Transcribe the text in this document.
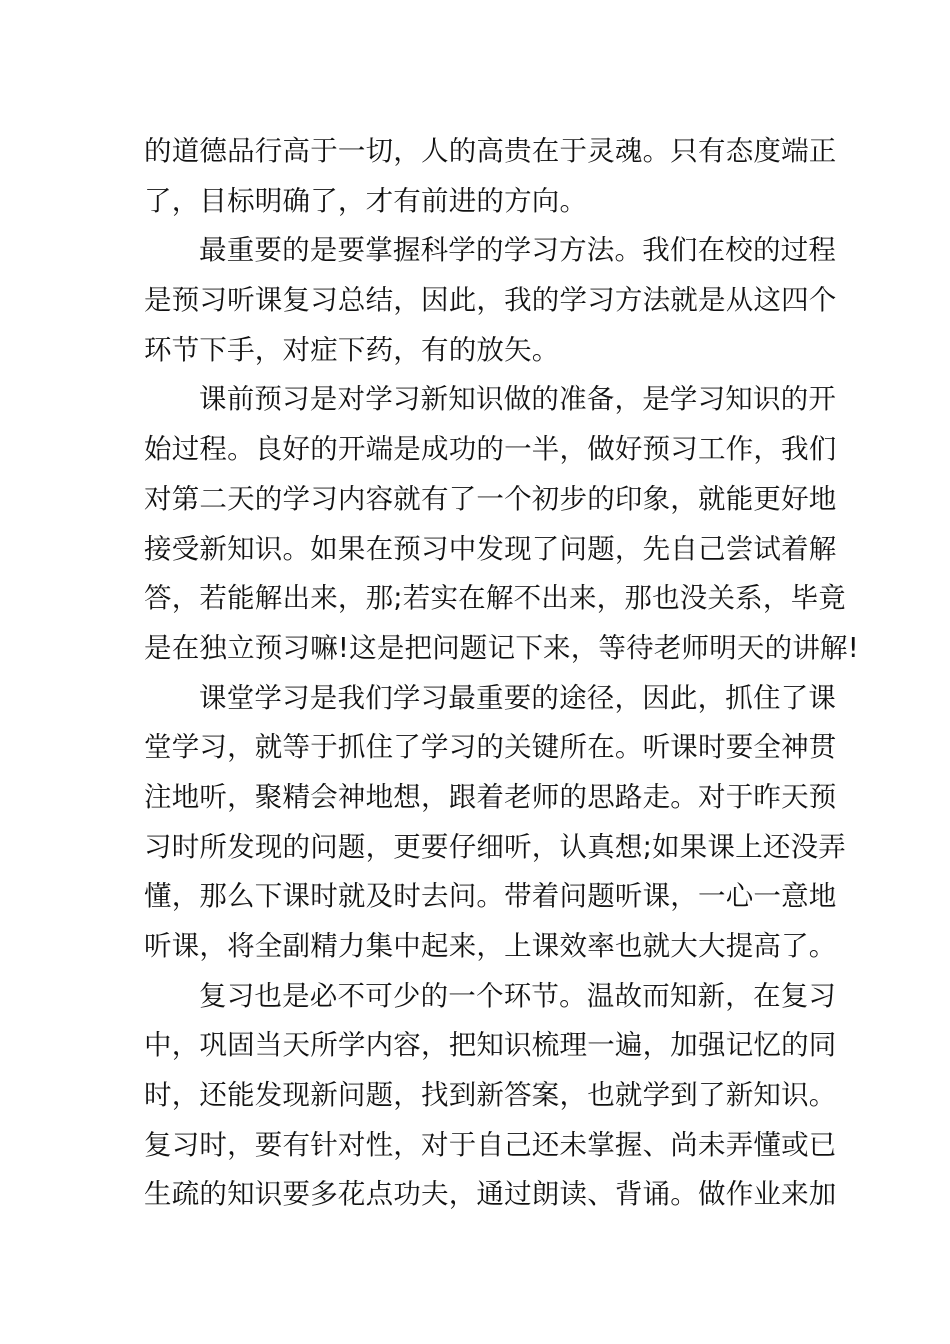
的道德品行高于一切，人的高贵在于灵魂。只有态度端正
了，目标明确了，才有前进的方向。
最重要的是要掌握科学的学习方法。我们在校的过程
是预习听课复习总结，因此，我的学习方法就是从这四个
环节下手，对症下药，有的放矢。
课前预习是对学习新知识做的准备，是学习知识的开
始过程。良好的开端是成功的一半，做好预习工作，我们
对第二天的学习内容就有了一个初步的印象，就能更好地
接受新知识。如果在预习中发现了问题，先自己尝试着解
答，若能解出来，那;若实在解不出来，那也没关系，毕竟
是在独立预习嘛!这是把问题记下来，等待老师明天的讲解!
课堂学习是我们学习最重要的途径，因此，抓住了课
堂学习，就等于抓住了学习的关键所在。听课时要全神贯
注地听，聚精会神地想，跟着老师的思路走。对于昨天预
习时所发现的问题，更要仔细听，认真想;如果课上还没弄
懂，那么下课时就及时去问。带着问题听课，一心一意地
听课，将全副精力集中起来，上课效率也就大大提高了。
复习也是必不可少的一个环节。温故而知新，在复习
中，巩固当天所学内容，把知识梳理一遍，加强记忆的同
时，还能发现新问题，找到新答案，也就学到了新知识。
复习时，要有针对性，对于自己还未掌握、尚未弄懂或已
生疏的知识要多花点功夫，通过朗读、背诵。做作业来加
